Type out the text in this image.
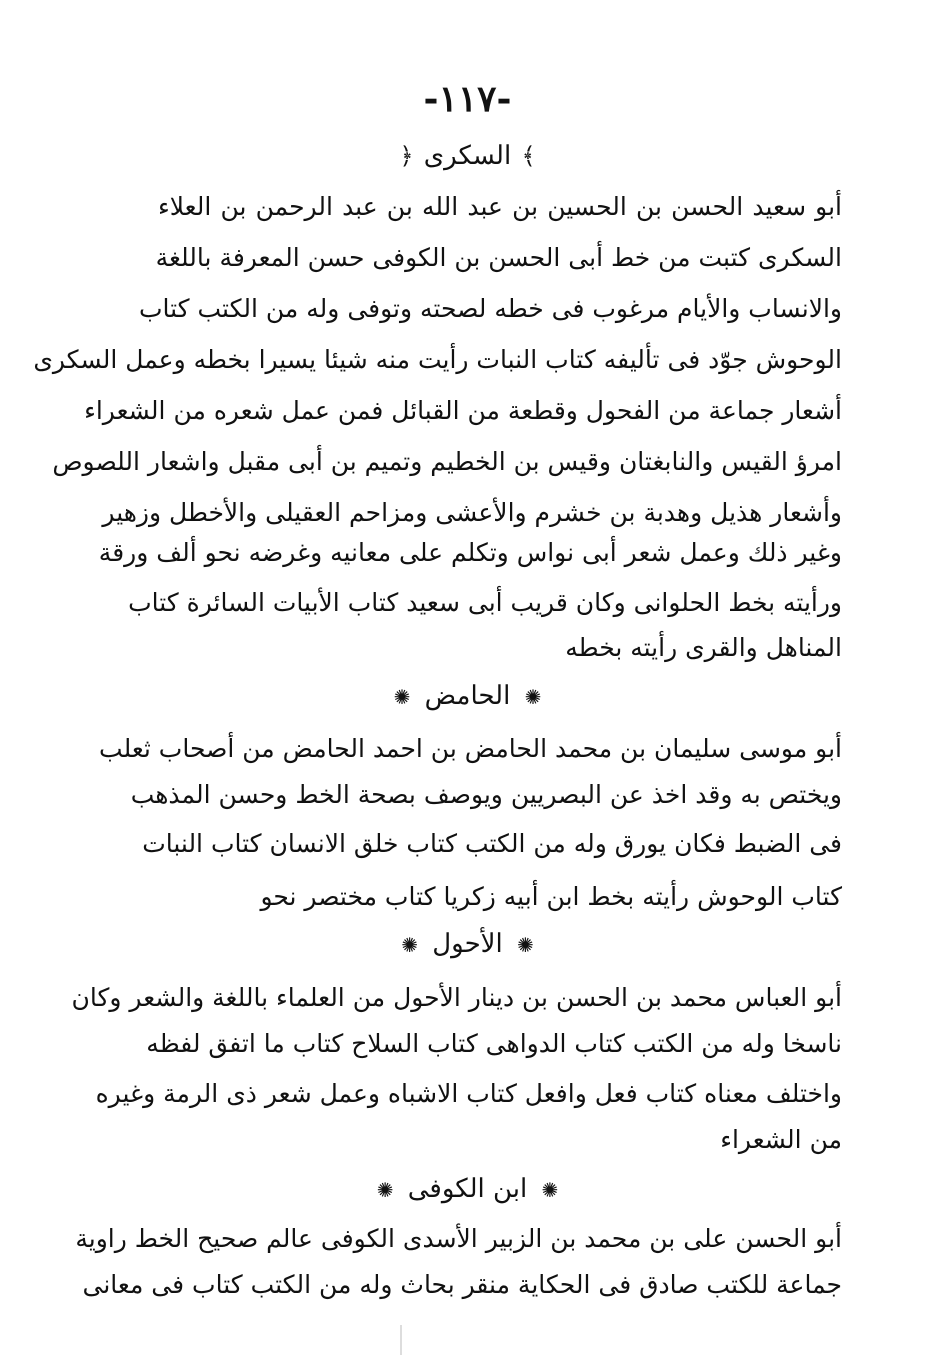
-١١٧-
﴾ السكرى ﴿
أبو سعيد الحسن بن الحسين بن عبد الله بن عبد الرحمن بن العلاء
السكرى كتبت من خط أبى الحسن بن الكوفى حسن المعرفة باللغة
والانساب والأيام مرغوب فى خطه لصحته وتوفى وله من الكتب كتاب
الوحوش جوّد فى تأليفه كتاب النبات رأيت منه شيئا يسيرا بخطه وعمل السكرى
أشعار جماعة من الفحول وقطعة من القبائل فمن عمل شعره من الشعراء
امرؤ القيس والنابغتان وقيس بن الخطيم وتميم بن أبى مقبل واشعار اللصوص
وأشعار هذيل وهدبة بن خشرم والأعشى ومزاحم العقيلى والأخطل وزهير
وغير ذلك وعمل شعر أبى نواس وتكلم على معانيه وغرضه نحو ألف ورقة
ورأيته بخط الحلوانى وكان قريب أبى سعيد كتاب الأبيات السائرة كتاب
المناهل والقرى رأيته بخطه
✺ الحامض ✺
أبو موسى سليمان بن محمد الحامض بن احمد الحامض من أصحاب ثعلب
ويختص به وقد اخذ عن البصريين ويوصف بصحة الخط وحسن المذهب
فى الضبط فكان يورق وله من الكتب كتاب خلق الانسان كتاب النبات
كتاب الوحوش رأيته بخط ابن أبيه زكريا كتاب مختصر نحو
✺ الأحول ✺
أبو العباس محمد بن الحسن بن دينار الأحول من العلماء باللغة والشعر وكان
ناسخا وله من الكتب كتاب الدواهى كتاب السلاح كتاب ما اتفق لفظه
واختلف معناه كتاب فعل وافعل كتاب الاشباه وعمل شعر ذى الرمة وغيره
من الشعراء
✺ ابن الكوفى ✺
أبو الحسن على بن محمد بن الزبير الأسدى الكوفى عالم صحيح الخط راوية
جماعة للكتب صادق فى الحكاية منقر بحاث وله من الكتب كتاب فى معانى
